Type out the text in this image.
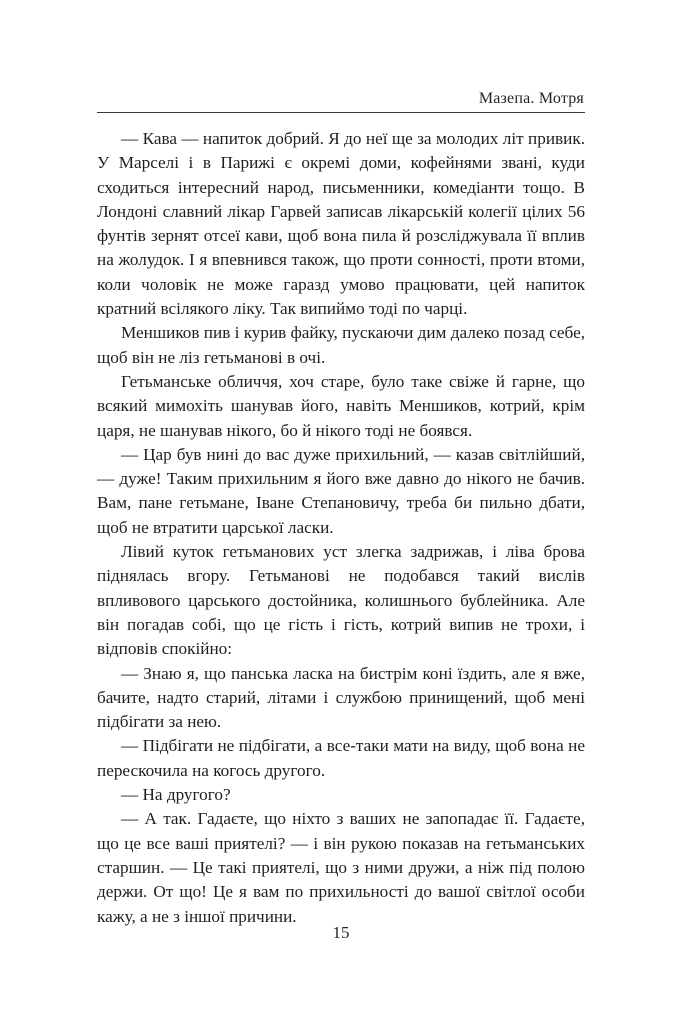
Мазепа. Мотря

— Кава — напиток добрий. Я до неї ще за молодих літ привик. У Марселі і в Парижі є окремі доми, кофейнями звані, куди сходиться інтересний народ, письменники, комедіанти тощо. В Лондоні славний лікар Гарвей записав лікарській колегії цілих 56 фунтів зернят отсеї кави, щоб вона пила й розслiджувала її вплив на жолудок. I я впевнився також, що проти сонності, проти втоми, коли чоловік не може гаразд умово працювати, цей напиток кратний всілякого ліку. Так випиймо тоді по чарці.

Меншиков пив і курив файку, пускаючи дим далеко позад себе, щоб він не ліз гетьманові в очі.

Гетьманське обличчя, хоч старе, було таке свіже й гарне, що всякий мимохіть шанував його, навіть Меншиков, котрий, крім царя, не шанував нікого, бо й нікого тоді не боявся.

— Цар був нині до вас дуже прихильний, — казав світлійший, — дуже! Таким прихильним я його вже давно до нікого не бачив. Вам, пане гетьмане, Іване Степановичу, треба би пильно дбати, щоб не втратити царської ласки.

Лівий куток гетьманових уст злегка задрижав, і ліва брова піднялась вгору. Гетьманові не подобався такий вислів впливового царського достойника, колишнього бублейника. Але він погадав собі, що це гість і гість, котрий випив не трохи, і відповів спокійно:

— Знаю я, що панська ласка на бистрім коні їздить, але я вже, бачите, надто старий, літами і службою принищений, щоб мені підбігати за нею.

— Підбігати не підбігати, а все-таки мати на виду, щоб вона не перескочила на когось другого.

— На другого?

— А так. Гадаєте, що ніхто з ваших не запопадає її. Гадаєте, що це все ваші приятелі? — і він рукою показав на гетьманських старшин. — Це такі приятелі, що з ними дружи, а ніж під полою держи. От що! Це я вам по прихильності до вашої світлої особи кажу, а не з іншої причини.

15
